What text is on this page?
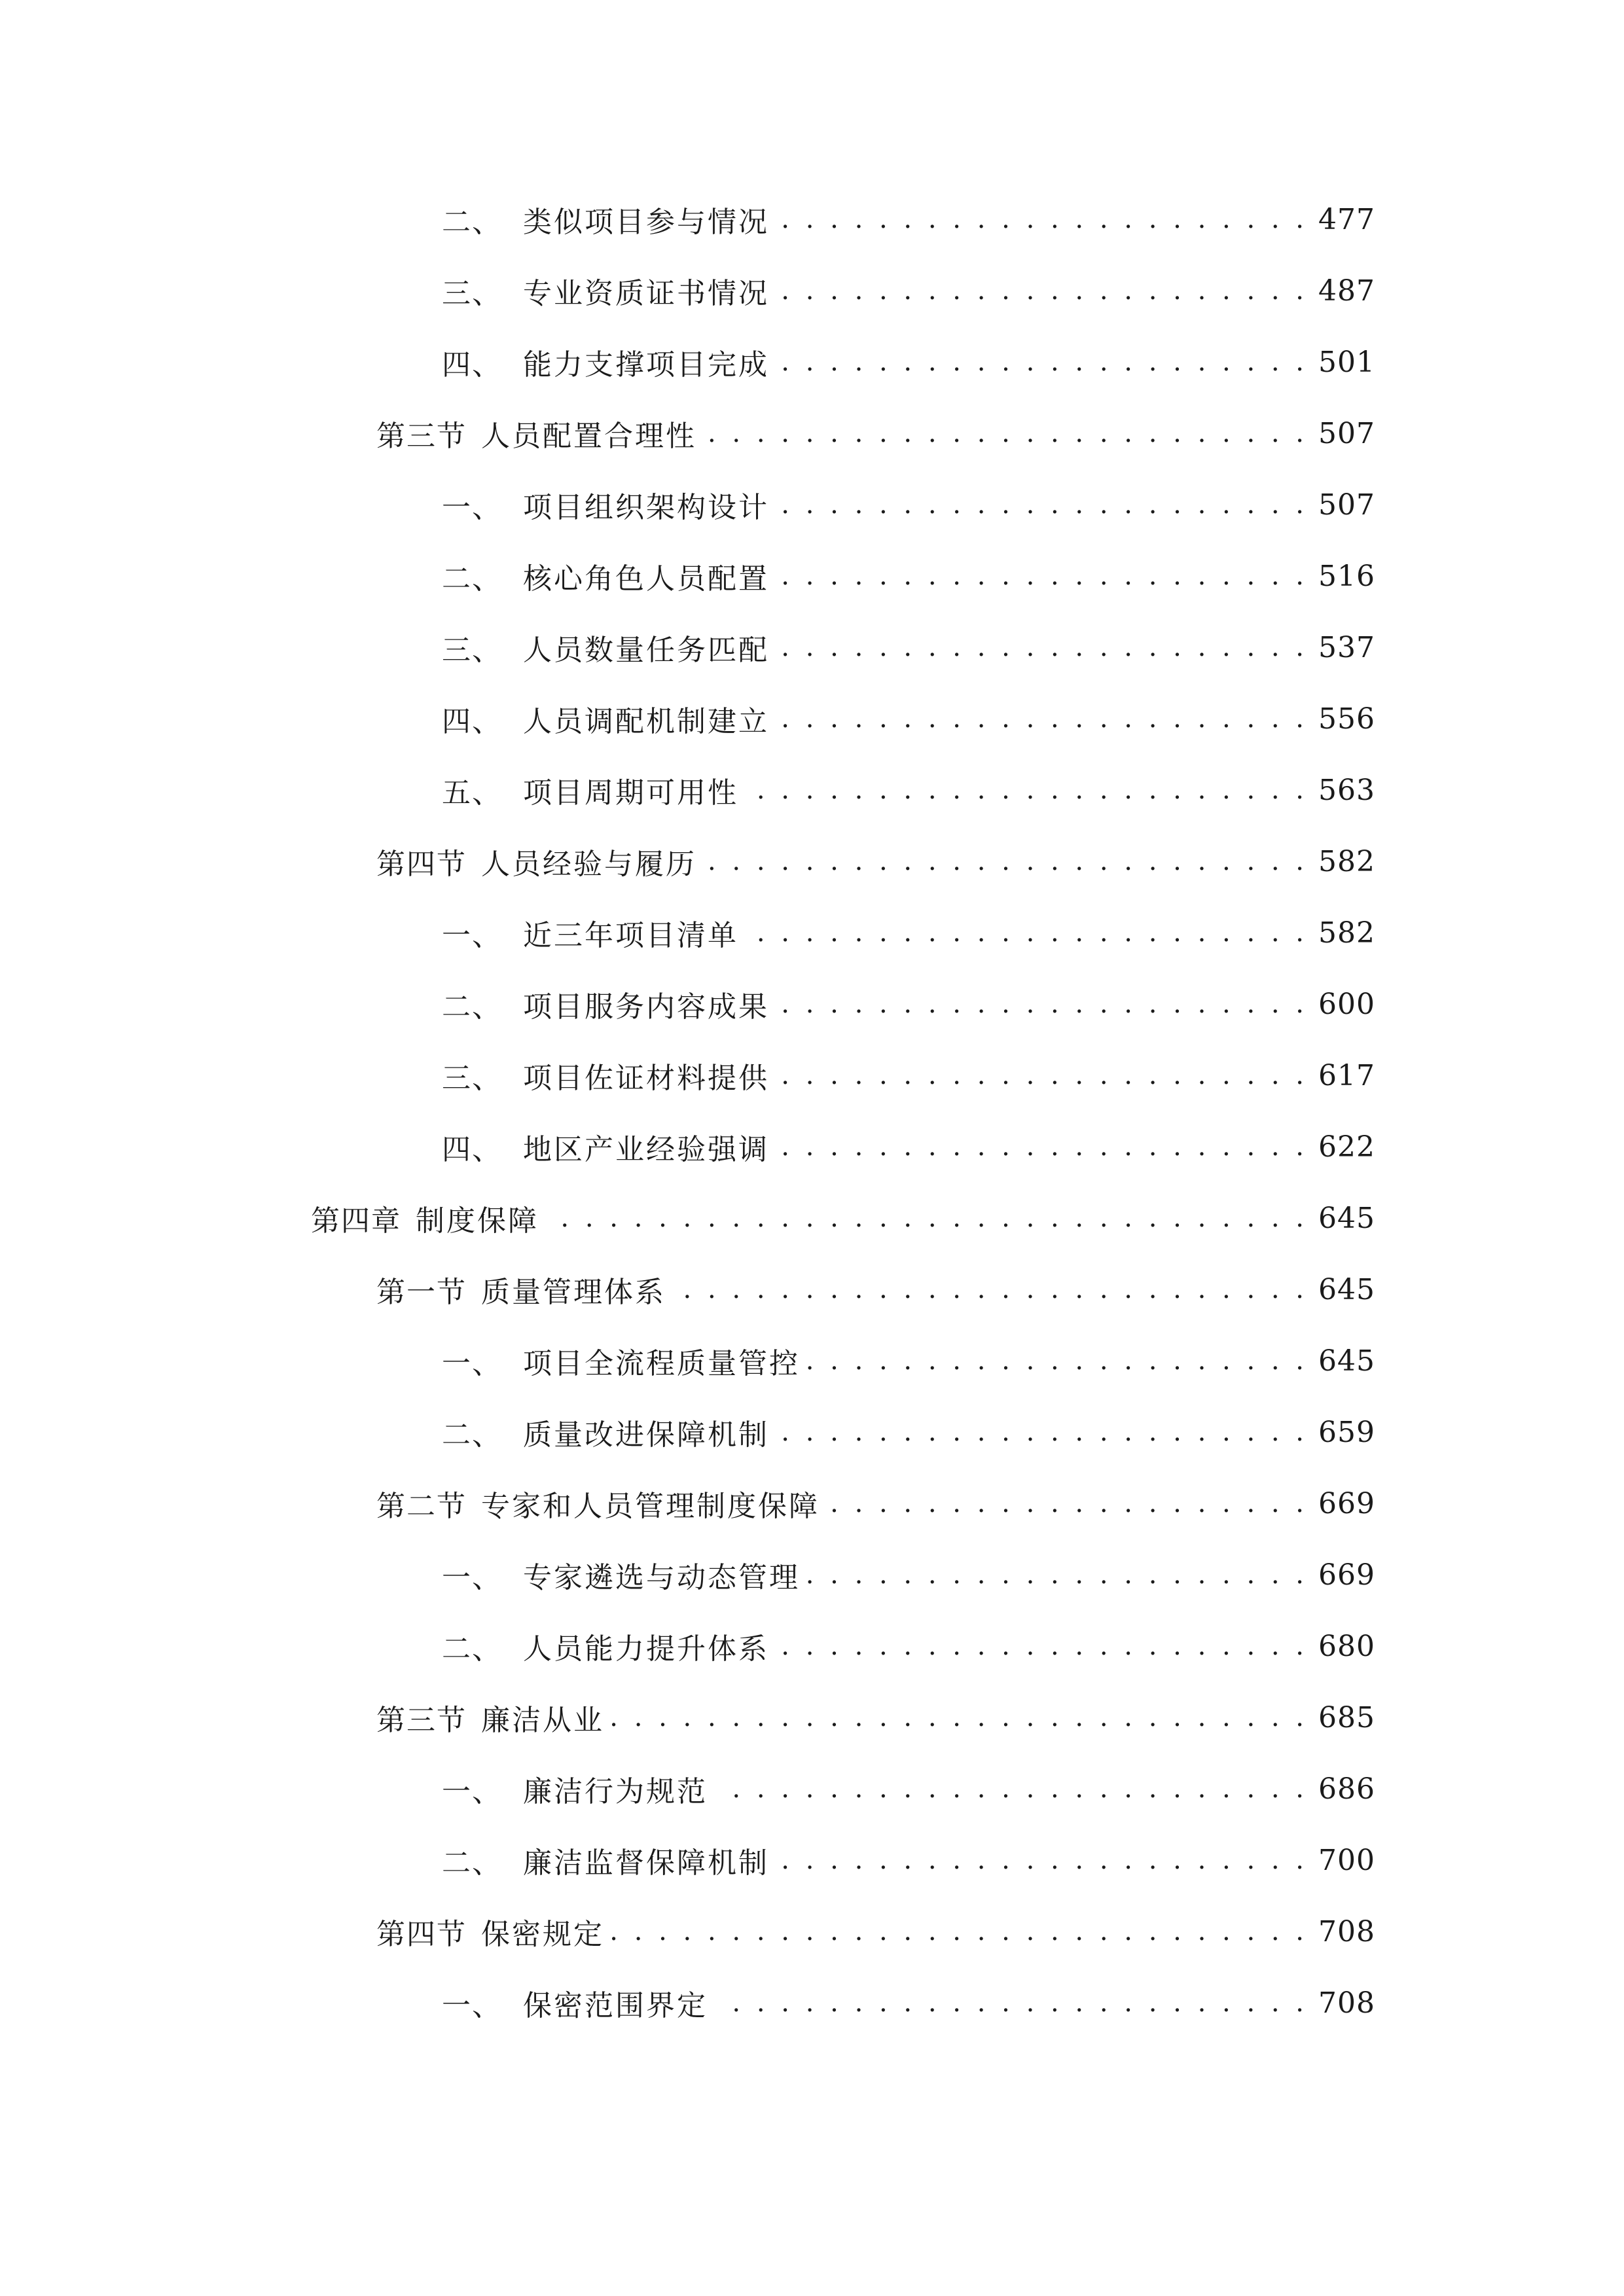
二、 类似项目参与情况 . . .	477
三、 专业资质证书情况 . . .	487
四、 能力支撑项目完成 . . .	501
第三节 人员配置合理性 . . .	507
一、 项目组织架构设计 . . .	507
二、 核心角色人员配置 . . .	516
三、 人员数量任务匹配 . . .	537
四、 人员调配机制建立 . . .	556
五、 项目周期可用性 . . .	563
第四节 人员经验与履历 . . .	582
一、 近三年项目清单 . . .	582
二、 项目服务内容成果 . . .	600
三、 项目佐证材料提供 . . .	617
四、 地区产业经验强调 . . .	622
第四章 制度保障 . . .	645
第一节 质量管理体系 . . .	645
一、 项目全流程质量管控 . . .	645
二、 质量改进保障机制 . . .	659
第二节 专家和人员管理制度保障 . . .	669
一、 专家遴选与动态管理 . . .	669
二、 人员能力提升体系 . . .	680
第三节 廉洁从业 . . .	685
一、 廉洁行为规范 . . .	686
二、 廉洁监督保障机制 . . .	700
第四节 保密规定 . . .	708
一、 保密范围界定 . . .	708
